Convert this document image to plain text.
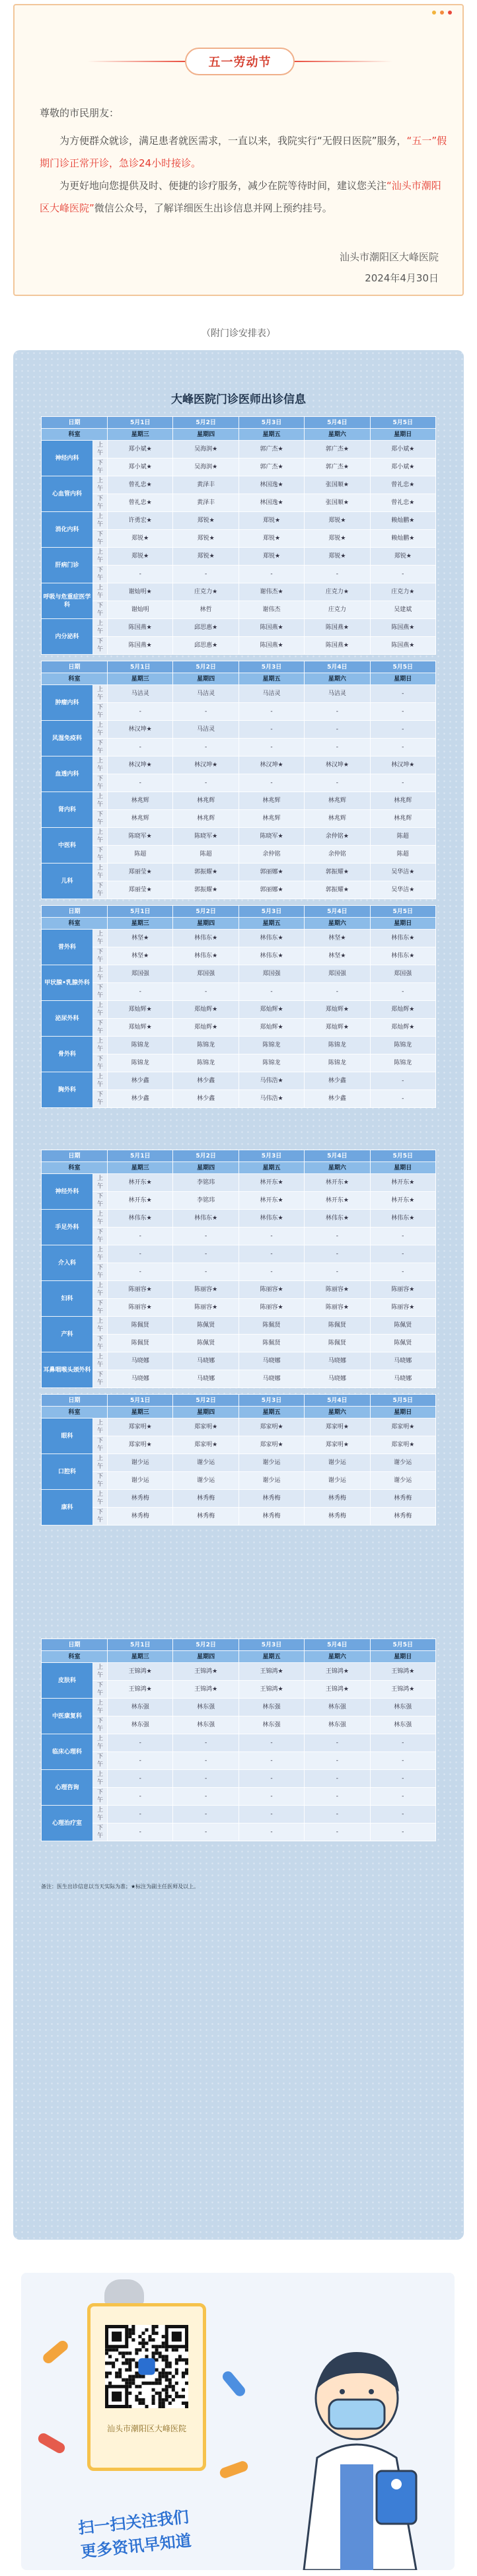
五一劳动节

尊敬的市民朋友：

为方便群众就诊，满足患者就医需求，一直以来，我院实行“无假日医院”服务，“五一”假期门诊正常开诊，急诊24小时接诊。

为更好地向您提供及时、便捷的诊疗服务，减少在院等待时间，建议您关注“汕头市潮阳区大峰医院”微信公众号，了解详细医生出诊信息并网上预约挂号。

汕头市潮阳区大峰医院
2024年4月30日
（附门诊安排表）
大峰医院门诊医师出诊信息
日期		5月1日	5月2日	5月3日	5月4日	5月5日
科室		星期三	星期四	星期五	星期六	星期日
神经内科	上午	郑小斌★	吴海润★	郭广杰★	郭广杰★	郑小斌★
	下午	郑小斌★	吴海润★	郭广杰★	郭广杰★	郑小斌★
心血管内科	上午	曾礼忠★	黄泽丰	林国逸★	张国顺★	曾礼忠★
	下午	曾礼忠★	黄泽丰	林国逸★	张国顺★	曾礼忠★
消化内科	上午	许勇宏★	郑锐★	郑锐★	郑锐★	赖灿鹏★
	下午	郑锐★	郑锐★	郑锐★	郑锐★	赖灿鹏★
肝病门诊	上午	郑锐★	郑锐★	郑锐★	郑锐★	郑锐★
	下午	-	-	-	-	-
呼吸与危重症医学科	上午	谢灿明★	庄克力★	谢伟杰★	庄克力★	庄克力★
	下午	谢灿明	林哲	谢伟杰	庄克力	吴建斌
内分泌科	上午	陈国燕★	邱思惠★	陈国燕★	陈国燕★	陈国燕★
	下午	陈国燕★	邱思惠★	陈国燕★	陈国燕★	陈国燕★
日期		5月1日	5月2日	5月3日	5月4日	5月5日
科室		星期三	星期四	星期五	星期六	星期日
肿瘤内科	上午	马洁灵	马洁灵	马洁灵	马洁灵	-
	下午	-	-	-	-	-
风湿免疫科	上午	林汉坤★	马洁灵	-	-	-
	下午	-	-	-	-	-
血透内科	上午	林汉坤★	林汉坤★	林汉坤★	林汉坤★	林汉坤★
	下午	-	-	-	-	-
肾内科	上午	林兆辉	林兆辉	林兆辉	林兆辉	林兆辉
	下午	林兆辉	林兆辉	林兆辉	林兆辉	林兆辉
中医科	上午	陈晓军★	陈晓军★	陈晓军★	余仲铭★	陈超
	下午	陈超	陈超	余仲铭	余仲铭	陈超
儿科	上午	郑丽莹★	郭振耀★	郭丽娜★	郭振耀★	吴华洁★
	下午	郑丽莹★	郭振耀★	郭丽娜★	郭振耀★	吴华洁★
日期		5月1日	5月2日	5月3日	5月4日	5月5日
科室		星期三	星期四	星期五	星期六	星期日
普外科	上午	林坚★	林伟东★	林伟东★	林坚★	林伟东★
	下午	林坚★	林伟东★	林伟东★	林坚★	林伟东★
甲状腺•乳腺外科	上午	郑国强	郑国强	郑国强	郑国强	郑国强
	下午	-	-	-	-	-
泌尿外科	上午	郑灿辉★	郑灿辉★	郑灿辉★	郑灿辉★	郑灿辉★
	下午	郑灿辉★	郑灿辉★	郑灿辉★	郑灿辉★	郑灿辉★
骨外科	上午	陈锦龙	陈锦龙	陈锦龙	陈锦龙	陈锦龙
	下午	陈锦龙	陈锦龙	陈锦龙	陈锦龙	陈锦龙
胸外科	上午	林少鑫	林少鑫	马伟浩★	林少鑫	-
	下午	林少鑫	林少鑫	马伟浩★	林少鑫	-
日期		5月1日	5月2日	5月3日	5月4日	5月5日
科室		星期三	星期四	星期五	星期六	星期日
神经外科	上午	林开东★	李铭玮	林开东★	林开东★	林开东★
	下午	林开东★	李铭玮	林开东★	林开东★	林开东★
手足外科	上午	林伟东★	林伟东★	林伟东★	林伟东★	林伟东★
	下午	-	-	-	-	-
介入科	上午	-	-	-	-	-
	下午	-	-	-	-	-
妇科	上午	陈丽容★	陈丽容★	陈丽容★	陈丽容★	陈丽容★
	下午	陈丽容★	陈丽容★	陈丽容★	陈丽容★	陈丽容★
产科	上午	陈佩贤	陈佩贤	陈佩贤	陈佩贤	陈佩贤
	下午	陈佩贤	陈佩贤	陈佩贤	陈佩贤	陈佩贤
耳鼻咽喉头颈外科	上午	马晓娜	马晓娜	马晓娜	马晓娜	马晓娜
	下午	马晓娜	马晓娜	马晓娜	马晓娜	马晓娜
日期		5月1日	5月2日	5月3日	5月4日	5月5日
科室		星期三	星期四	星期五	星期六	星期日
眼科	上午	郑家明★	郑家明★	郑家明★	郑家明★	郑家明★
	下午	郑家明★	郑家明★	郑家明★	郑家明★	郑家明★
口腔科	上午	谢少运	谢少运	谢少运	谢少运	谢少运
	下午	谢少运	谢少运	谢少运	谢少运	谢少运
康科	上午	林秀梅	林秀梅	林秀梅	林秀梅	林秀梅
	下午	林秀梅	林秀梅	林秀梅	林秀梅	林秀梅
日期		5月1日	5月2日	5月3日	5月4日	5月5日
科室		星期三	星期四	星期五	星期六	星期日
皮肤科	上午	王锦鸿★	王锦鸿★	王锦鸿★	王锦鸿★	王锦鸿★
	下午	王锦鸿★	王锦鸿★	王锦鸿★	王锦鸿★	王锦鸿★
中医康复科	上午	林东强	林东强	林东强	林东强	林东强
	下午	林东强	林东强	林东强	林东强	林东强
临床心理科	上午	-	-	-	-	-
	下午	-	-	-	-	-
心理咨询	上午	-	-	-	-	-
	下午	-	-	-	-	-
心理治疗室	上午	-	-	-	-	-
	下午	-	-	-	-	-
备注：医生出诊信息以当天实际为准；★标注为副主任医师及以上。
汕头市潮阳区大峰医院
扫一扫关注我们
更多资讯早知道
